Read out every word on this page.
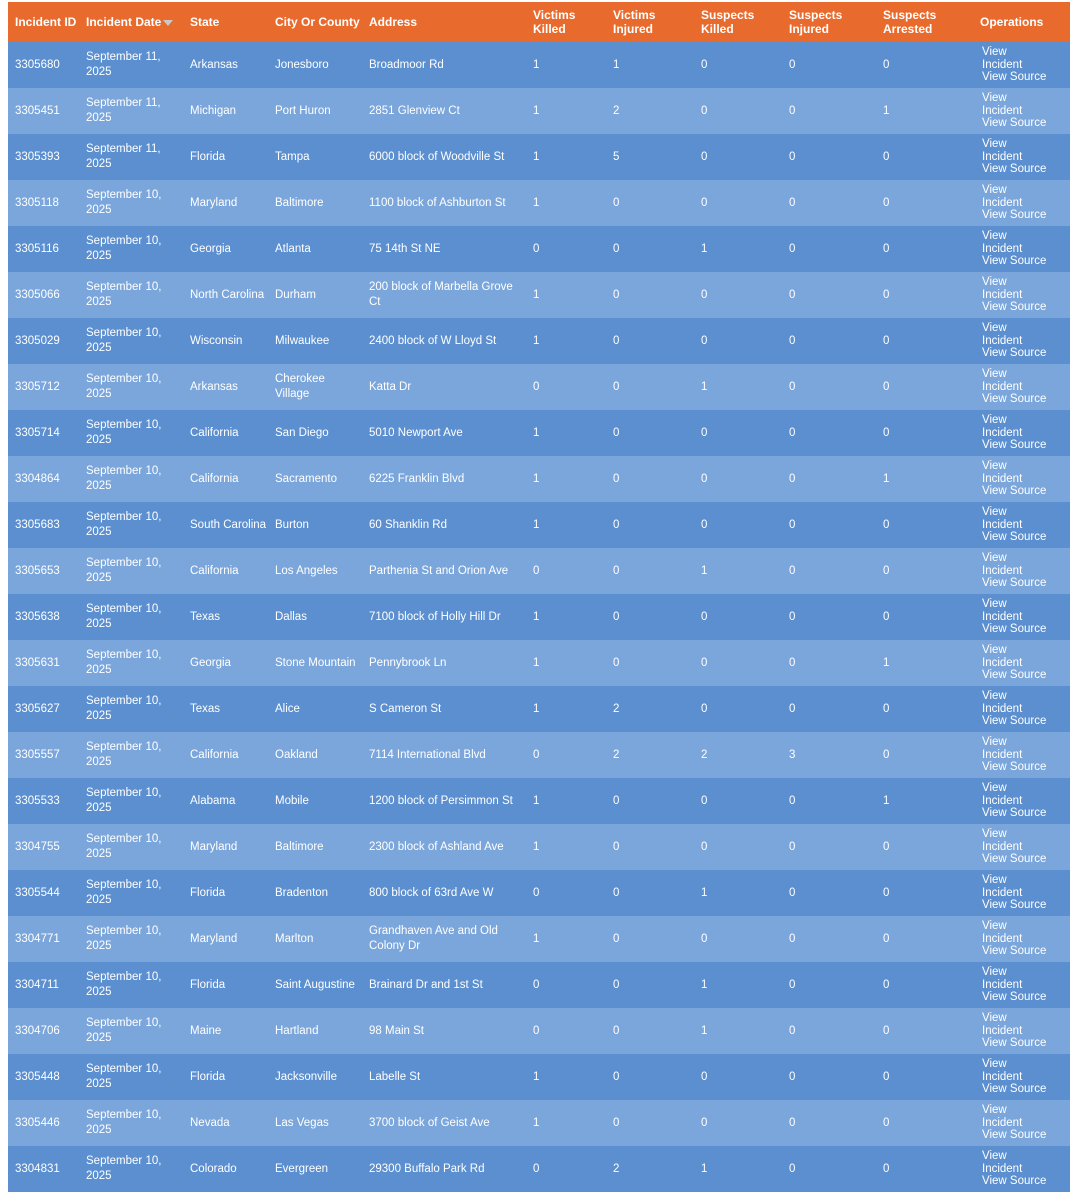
Incident ID	Incident Date	State	City Or County	Address	Victims Killed	Victims Injured	Suspects Killed	Suspects Injured	Suspects Arrested	Operations
3305680	September 11, 2025	Arkansas	Jonesboro	Broadmoor Rd	1	1	0	0	0	View Incident
View Source

3305451	September 11, 2025	Michigan	Port Huron	2851 Glenview Ct	1	2	0	0	1	View Incident
View Source

3305393	September 11, 2025	Florida	Tampa	6000 block of Woodville St	1	5	0	0	0	View Incident
View Source

3305118	September 10, 2025	Maryland	Baltimore	1100 block of Ashburton St	1	0	0	0	0	View Incident
View Source

3305116	September 10, 2025	Georgia	Atlanta	75 14th St NE	0	0	1	0	0	View Incident
View Source

3305066	September 10, 2025	North Carolina	Durham	200 block of Marbella Grove Ct	1	0	0	0	0	View Incident
View Source

3305029	September 10, 2025	Wisconsin	Milwaukee	2400 block of W Lloyd St	1	0	0	0	0	View Incident
View Source

3305712	September 10, 2025	Arkansas	Cherokee Village	Katta Dr	0	0	1	0	0	View Incident
View Source

3305714	September 10, 2025	California	San Diego	5010 Newport Ave	1	0	0	0	0	View Incident
View Source

3304864	September 10, 2025	California	Sacramento	6225 Franklin Blvd	1	0	0	0	1	View Incident
View Source

3305683	September 10, 2025	South Carolina	Burton	60 Shanklin Rd	1	0	0	0	0	View Incident
View Source

3305653	September 10, 2025	California	Los Angeles	Parthenia St and Orion Ave	0	0	1	0	0	View Incident
View Source

3305638	September 10, 2025	Texas	Dallas	7100 block of Holly Hill Dr	1	0	0	0	0	View Incident
View Source

3305631	September 10, 2025	Georgia	Stone Mountain	Pennybrook Ln	1	0	0	0	1	View Incident
View Source

3305627	September 10, 2025	Texas	Alice	S Cameron St	1	2	0	0	0	View Incident
View Source

3305557	September 10, 2025	California	Oakland	7114 International Blvd	0	2	2	3	0	View Incident
View Source

3305533	September 10, 2025	Alabama	Mobile	1200 block of Persimmon St	1	0	0	0	1	View Incident
View Source

3304755	September 10, 2025	Maryland	Baltimore	2300 block of Ashland Ave	1	0	0	0	0	View Incident
View Source

3305544	September 10, 2025	Florida	Bradenton	800 block of 63rd Ave W	0	0	1	0	0	View Incident
View Source

3304771	September 10, 2025	Maryland	Marlton	Grandhaven Ave and Old Colony Dr	1	0	0	0	0	View Incident
View Source

3304711	September 10, 2025	Florida	Saint Augustine	Brainard Dr and 1st St	0	0	1	0	0	View Incident
View Source

3304706	September 10, 2025	Maine	Hartland	98 Main St	0	0	1	0	0	View Incident
View Source

3305448	September 10, 2025	Florida	Jacksonville	Labelle St	1	0	0	0	0	View Incident
View Source

3305446	September 10, 2025	Nevada	Las Vegas	3700 block of Geist Ave	1	0	0	0	0	View Incident
View Source

3304831	September 10, 2025	Colorado	Evergreen	29300 Buffalo Park Rd	0	2	1	0	0	View Incident
View Source
